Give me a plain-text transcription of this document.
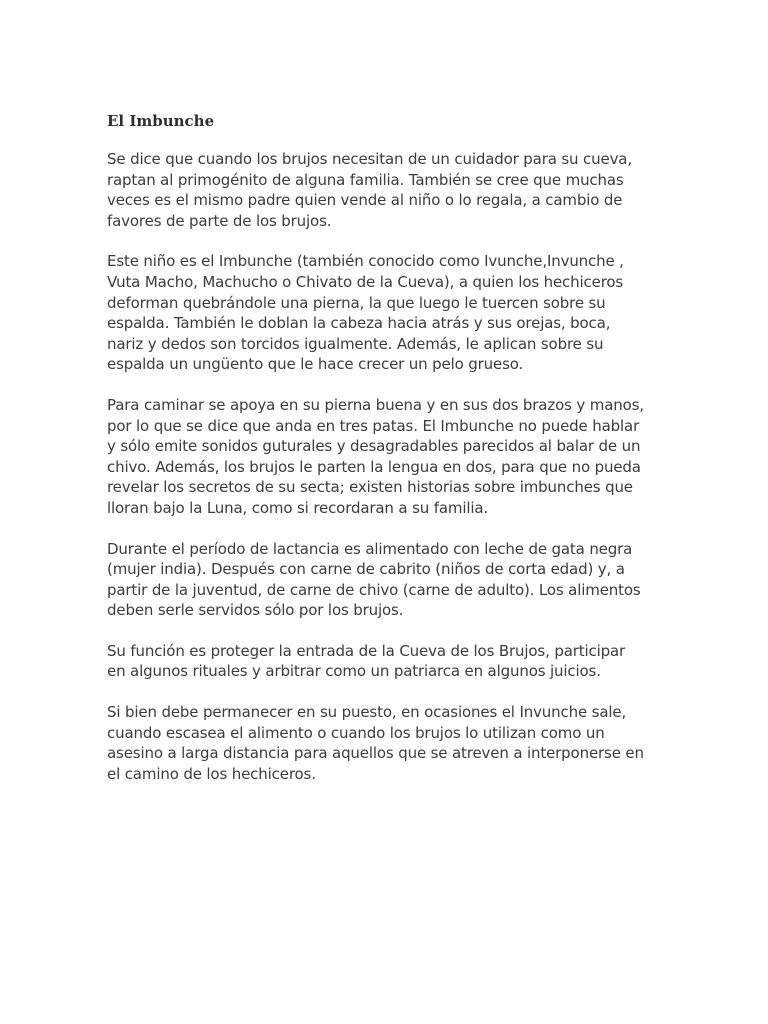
El Imbunche
Se dice que cuando los brujos necesitan de un cuidador para su cueva,
raptan al primogénito de alguna familia. También se cree que muchas
veces es el mismo padre quien vende al niño o lo regala, a cambio de
favores de parte de los brujos.
Este niño es el Imbunche (también conocido como Ivunche,Invunche ,
Vuta Macho, Machucho o Chivato de la Cueva), a quien los hechiceros
deforman quebrándole una pierna, la que luego le tuercen sobre su
espalda. También le doblan la cabeza hacia atrás y sus orejas, boca,
nariz y dedos son torcidos igualmente. Además, le aplican sobre su
espalda un ungüento que le hace crecer un pelo grueso.
Para caminar se apoya en su pierna buena y en sus dos brazos y manos,
por lo que se dice que anda en tres patas. El Imbunche no puede hablar
y sólo emite sonidos guturales y desagradables parecidos al balar de un
chivo. Además, los brujos le parten la lengua en dos, para que no pueda
revelar los secretos de su secta; existen historias sobre imbunches que
lloran bajo la Luna, como si recordaran a su familia.
Durante el período de lactancia es alimentado con leche de gata negra
(mujer india). Después con carne de cabrito (niños de corta edad) y, a
partir de la juventud, de carne de chivo (carne de adulto). Los alimentos
deben serle servidos sólo por los brujos.
Su función es proteger la entrada de la Cueva de los Brujos, participar
en algunos rituales y arbitrar como un patriarca en algunos juicios.
Si bien debe permanecer en su puesto, en ocasiones el Invunche sale,
cuando escasea el alimento o cuando los brujos lo utilizan como un
asesino a larga distancia para aquellos que se atreven a interponerse en
el camino de los hechiceros.
